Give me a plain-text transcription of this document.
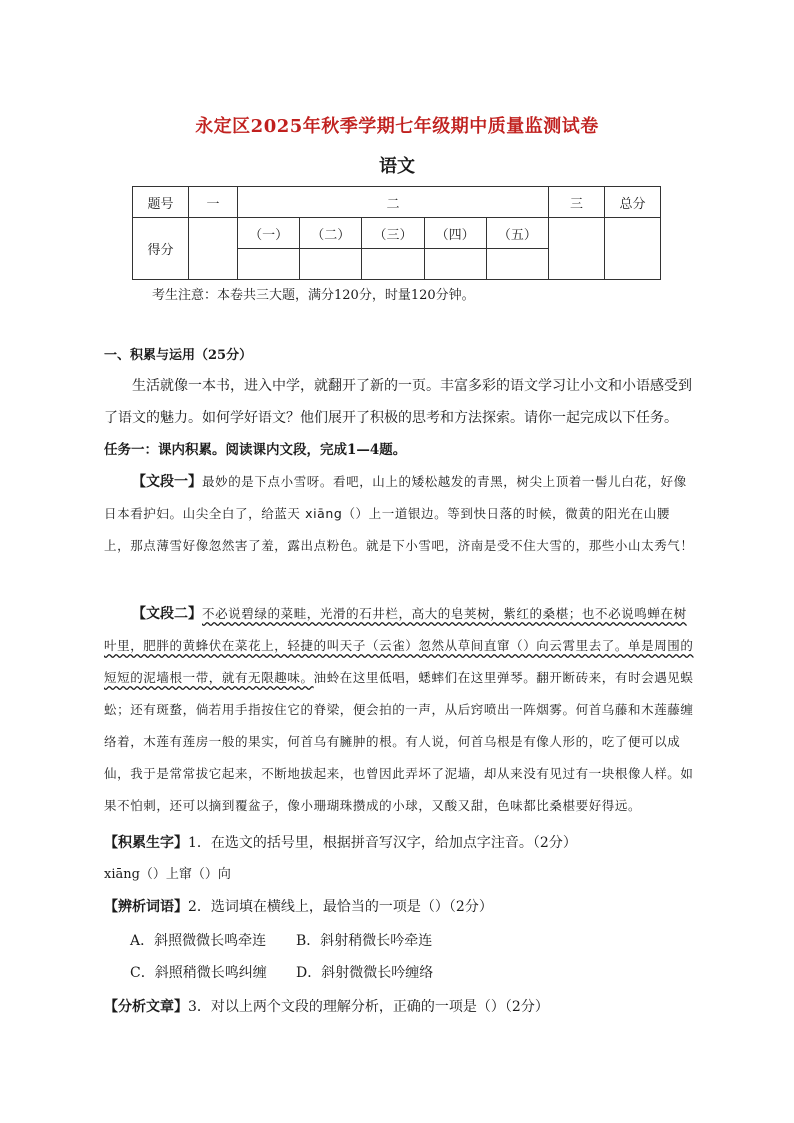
永定区2025年秋季学期七年级期中质量监测试卷
语文
题号	一	二					三	总分
得分		（一）	（二）	（三）	（四）	（五）		

考生注意：本卷共三大题，满分120分，时量120分钟。
一、积累与运用（25分）
生活就像一本书，进入中学，就翻开了新的一页。丰富多彩的语文学习让小文和小语感受到了语文的魅力。如何学好语文？他们展开了积极的思考和方法探索。请你一起完成以下任务。
任务一：课内积累。阅读课内文段，完成1—4题。
【文段一】最妙的是下点小雪呀。看吧，山上的矮松越发的青黑，树尖上顶着一髻儿白花，好像日本看护妇。山尖全白了，给蓝天 xiāng（）上一道银边。等到快日落的时候，微黄的阳光在山腰上，那点薄雪好像忽然害了羞，露出点粉色。就是下小雪吧，济南是受不住大雪的，那些小山太秀气！
【文段二】不必说碧绿的菜畦，光滑的石井栏，高大的皂荚树，紫红的桑椹；也不必说鸣蝉在树叶里，肥胖的黄蜂伏在菜花上，轻捷的叫天子（云雀）忽然从草间直窜（）向云霄里去了。单是周围的短短的泥墙根一带，就有无限趣味。油蛉在这里低唱，蟋蟀们在这里弹琴。翻开断砖来，有时会遇见蜈蚣；还有斑蝥，倘若用手指按住它的脊梁，便会拍的一声，从后窍喷出一阵烟雾。何首乌藤和木莲藤缠络着，木莲有莲房一般的果实，何首乌有臃肿的根。有人说，何首乌根是有像人形的，吃了便可以成仙，我于是常常拔它起来，不断地拔起来，也曾因此弄坏了泥墙，却从来没有见过有一块根像人样。如果不怕刺，还可以摘到覆盆子，像小珊瑚珠攒成的小球，又酸又甜，色味都比桑椹要好得远。
【积累生字】1．在选文的括号里，根据拼音写汉字，给加点字注音。（2分）
xiāng（）上窜（）向
【辨析词语】2．选词填在横线上，最恰当的一项是（）（2分）
A．斜照微微长鸣牵连 B．斜射稍微长吟牵连
C．斜照稍微长鸣纠缠 D．斜射微微长吟缠络
【分析文章】3．对以上两个文段的理解分析，正确的一项是（）（2分）
